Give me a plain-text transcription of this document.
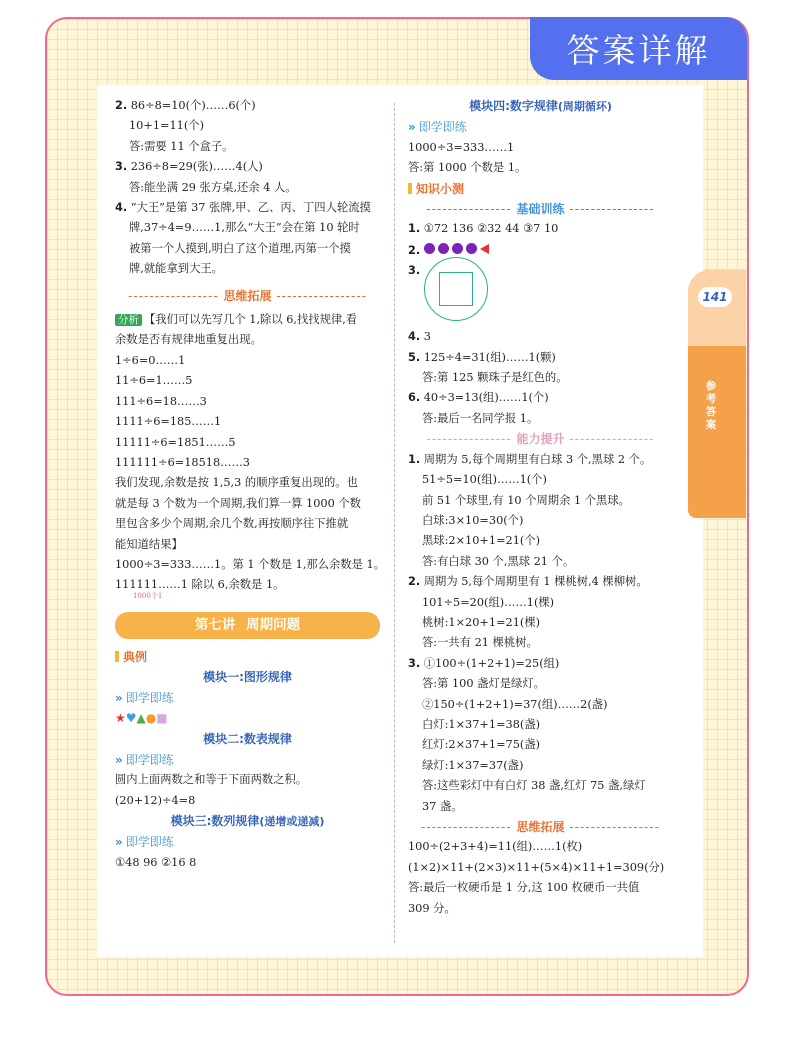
答案详解
141
参
考
答
案
2. 86÷8=10(个)……6(个)
10+1=11(个)
答:需要 11 个盒子。
3. 236÷8=29(张)……4(人)
答:能坐满 29 张方桌,还余 4 人。
4. “大王”是第 37 张牌,甲、乙、丙、丁四人轮流摸
牌,37÷4=9……1,那么“大王”会在第 10 轮时
被第一个人摸到,明白了这个道理,丙第一个摸
牌,就能拿到大王。
----------------- 思维拓展 -----------------
分析 【我们可以先写几个 1,除以 6,找找规律,看
余数是否有规律地重复出现。
1÷6=0……1
11÷6=1……5
111÷6=18……3
1111÷6=185……1
11111÷6=1851……5
111111÷6=18518……3
我们发现,余数是按 1,5,3 的顺序重复出现的。也
就是每 3 个数为一个周期,我们算一算 1000 个数
里包含多少个周期,余几个数,再按顺序往下推就
能知道结果】
1000÷3=333……1。第 1 个数是 1,那么余数是 1。
111111……1 除以 6,余数是 1。
1000个1
第七讲 周期问题
典例
模块一:图形规律
» 即学即练
★♥▲●■
模块二:数表规律
» 即学即练
圆内上面两数之和等于下面两数之积。
(20+12)÷4=8
模块三:数列规律(递增或递减)
» 即学即练
①48 96 ②16 8
模块四:数字规律(周期循环)
» 即学即练
1000÷3=333……1
答:第 1000 个数是 1。
知识小测
---------------- 基础训练 ----------------
1. ①72 136 ②32 44 ③7 10
2.
3.
4. 3
5. 125÷4=31(组)……1(颗)
答:第 125 颗珠子是红色的。
6. 40÷3=13(组)……1(个)
答:最后一名同学报 1。
---------------- 能力提升 ----------------
1. 周期为 5,每个周期里有白球 3 个,黑球 2 个。
51÷5=10(组)……1(个)
前 51 个球里,有 10 个周期余 1 个黑球。
白球:3×10=30(个)
黑球:2×10+1=21(个)
答:有白球 30 个,黑球 21 个。
2. 周期为 5,每个周期里有 1 棵桃树,4 棵柳树。
101÷5=20(组)……1(棵)
桃树:1×20+1=21(棵)
答:一共有 21 棵桃树。
3. ①100÷(1+2+1)=25(组)
答:第 100 盏灯是绿灯。
②150÷(1+2+1)=37(组)……2(盏)
白灯:1×37+1=38(盏)
红灯:2×37+1=75(盏)
绿灯:1×37=37(盏)
答:这些彩灯中有白灯 38 盏,红灯 75 盏,绿灯
37 盏。
----------------- 思维拓展 -----------------
100÷(2+3+4)=11(组)……1(枚)
(1×2)×11+(2×3)×11+(5×4)×11+1=309(分)
答:最后一枚硬币是 1 分,这 100 枚硬币一共值
309 分。
